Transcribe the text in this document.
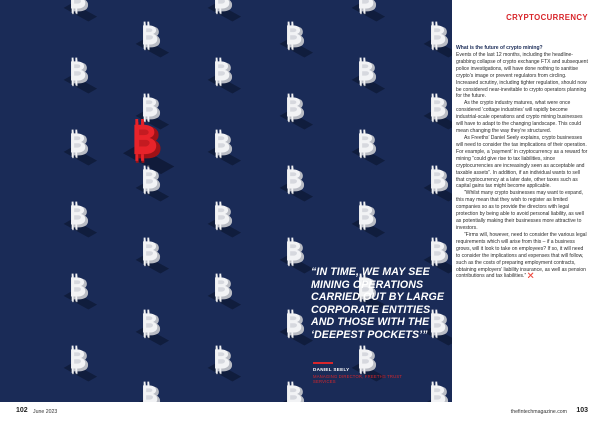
“IN TIME, WE MAY SEE MINING OPERATIONS CARRIED OUT BY LARGE CORPORATE ENTITIES AND THOSE WITH THE ‘DEEPEST POCKETS’”
DANIEL SEELY
MANAGING DIRECTOR, FREETHS TRUST SERVICES
CRYPTOCURRENCY

What is the future of crypto mining?

Events of the last 12 months, including the headline-grabbing collapse of crypto exchange FTX and subsequent police investigations, will have done nothing to sanitise crypto’s image or prevent regulators from circling. Increased scrutiny, including tighter regulation, should now be considered near-inevitable to crypto operators planning for the future.

As the crypto industry matures, what were once considered ‘cottage industries’ will rapidly become industrial-scale operations and crypto mining businesses will have to adapt to the changing landscape. This could mean changing the way they’re structured.

As Freeths’ Daniel Seely explains, crypto businesses will need to consider the tax implications of their operation. For example, a ‘payment’ in cryptocurrency as a reward for mining “could give rise to tax liabilities, since cryptocurrencies are increasingly seen as acceptable and taxable assets”. In addition, if an individual wants to sell that cryptocurrency at a later date, other taxes such as capital gains tax might become applicable.

“Whilst many crypto businesses may want to expand, this may mean that they wish to register as limited companies so as to provide the directors with legal protection by being able to avoid personal liability, as well as potentially making their businesses more attractive to investors.

“Firms will, however, need to consider the various legal requirements which will arise from this – if a business grows, will it look to take on employees? If so, it will need to consider the implications and expenses that will follow, such as the costs of preparing employment contracts, obtaining employers’ liability insurance, as well as pension contributions and tax liabilities.” ❌

102 June 2023	thefintechmagazine.com 103
